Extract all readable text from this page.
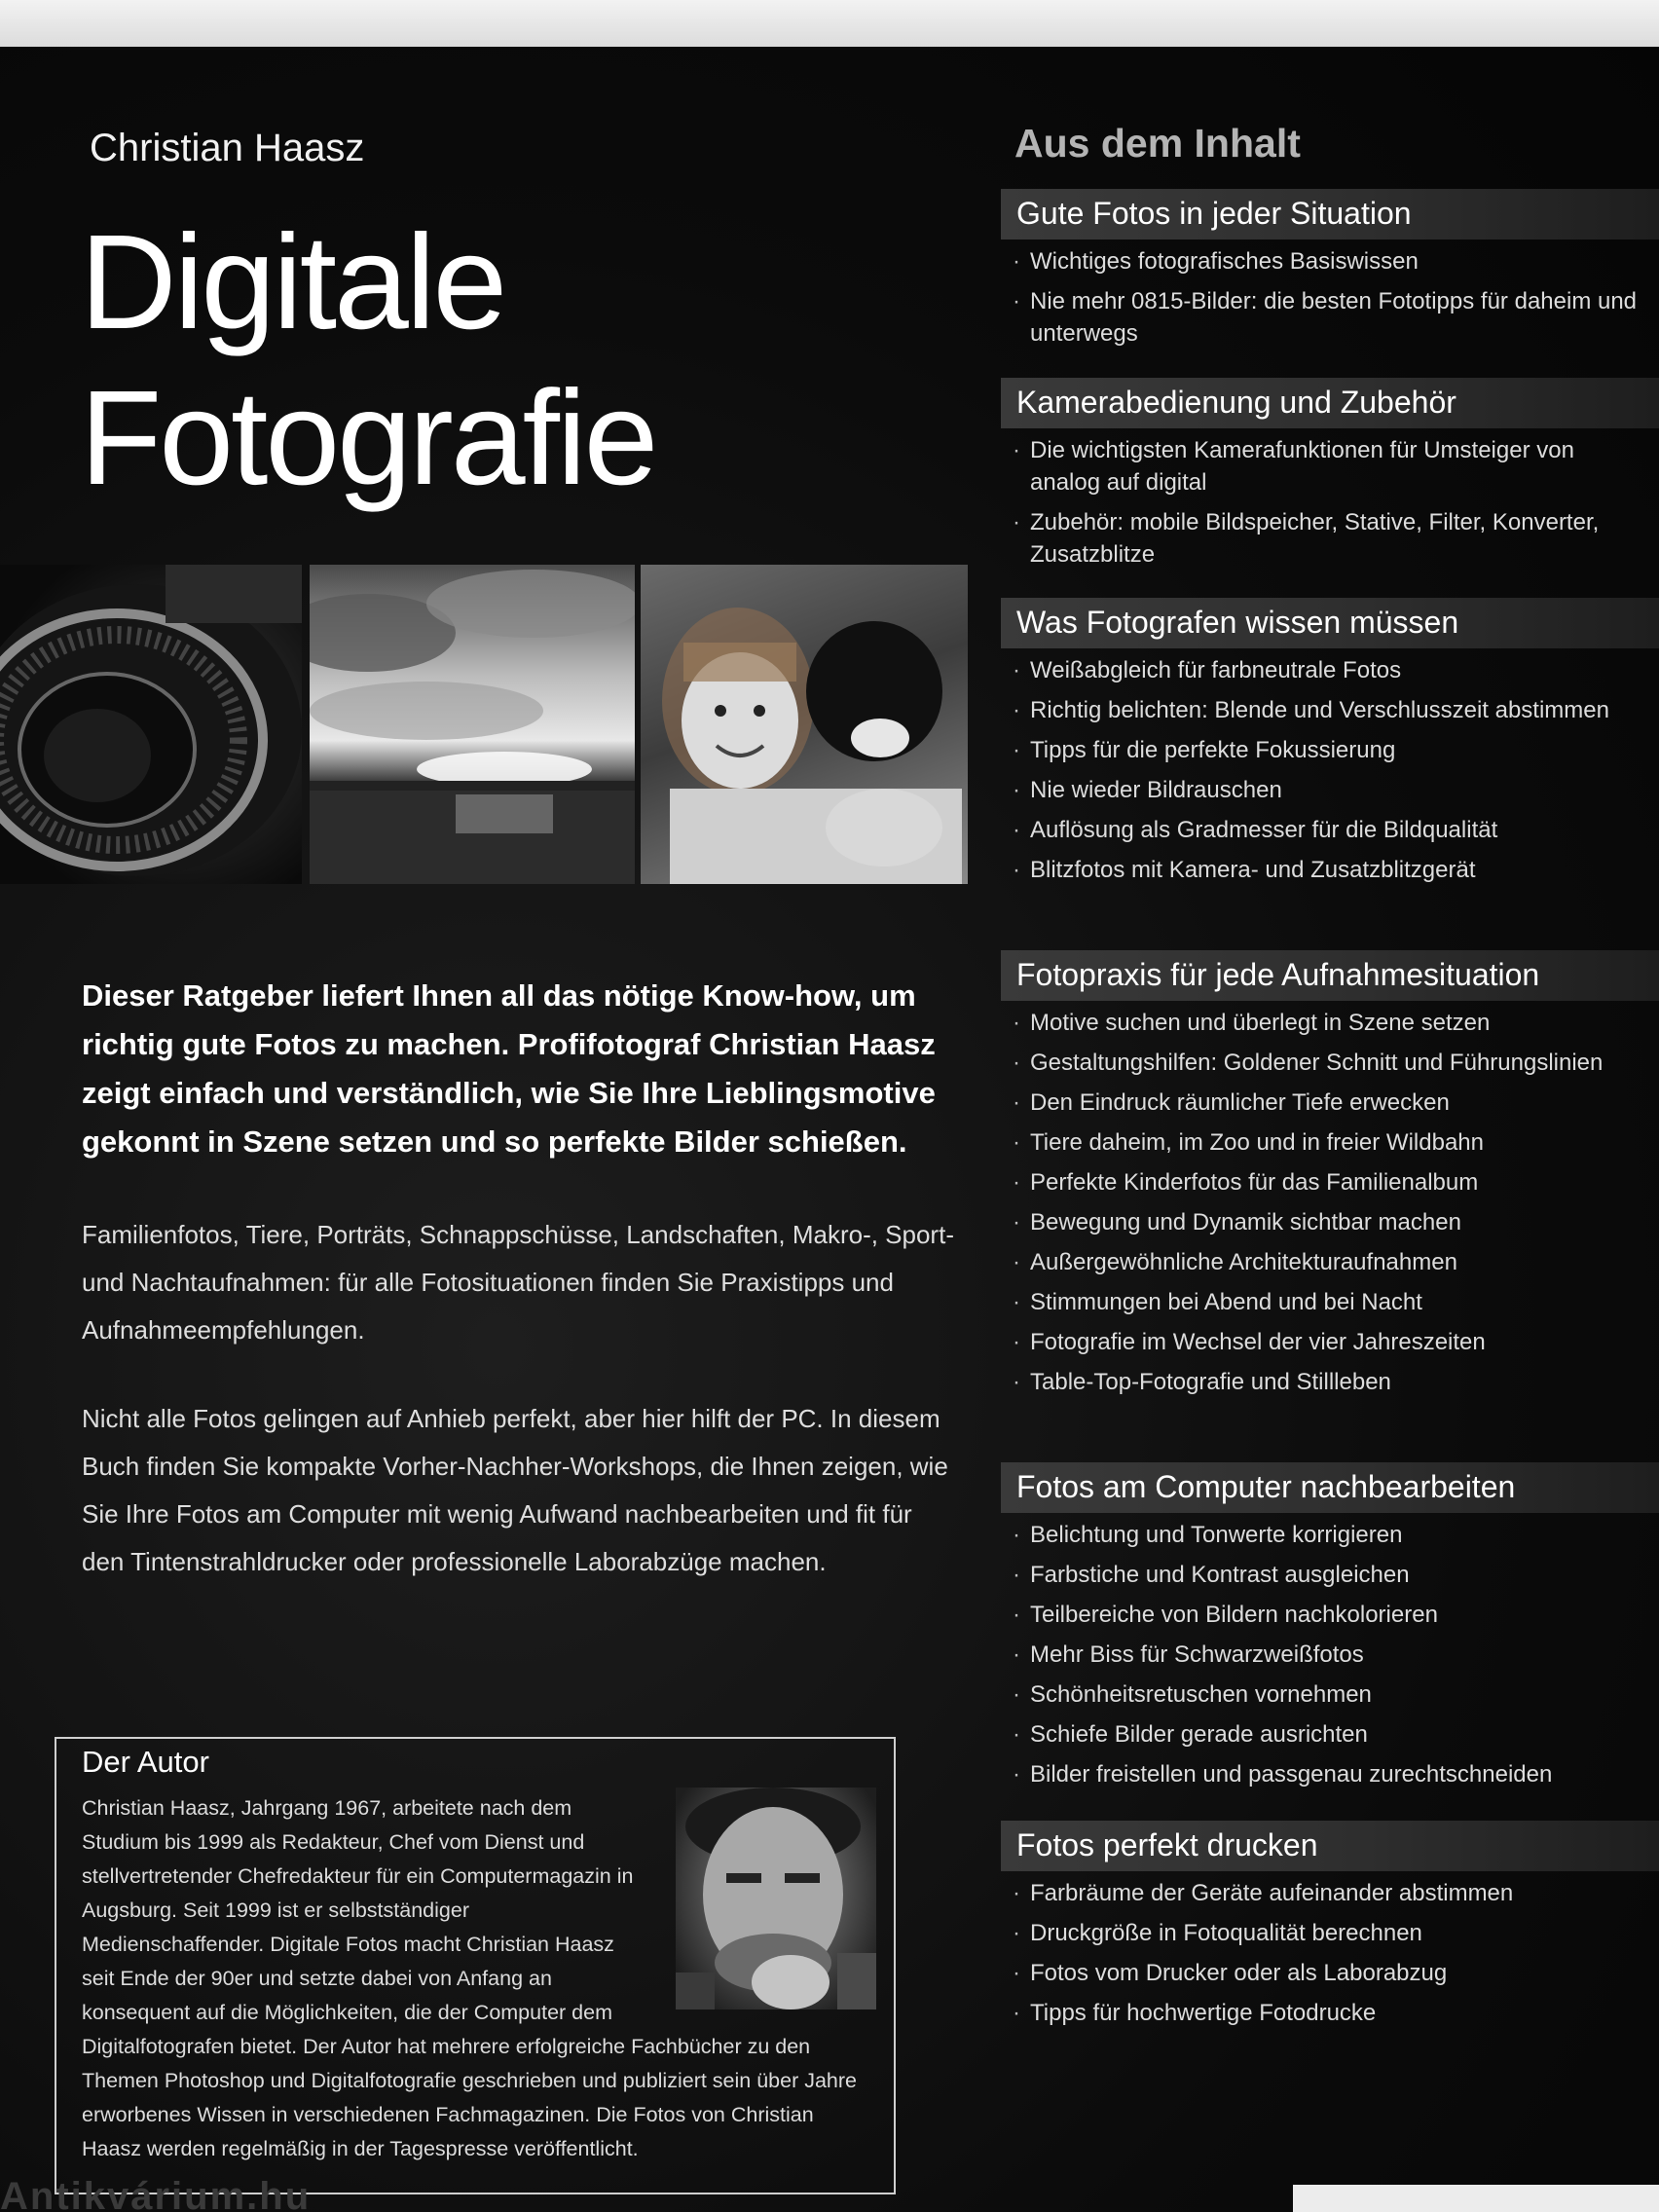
Christian Haasz
Digitale
Fotografie

Dieser Ratgeber liefert Ihnen all das nötige Know-how, um richtig gute Fotos zu machen. Profifotograf Christian Haasz zeigt einfach und verständlich, wie Sie Ihre Lieblingsmotive gekonnt in Szene setzen und so perfekte Bilder schießen.

Familienfotos, Tiere, Porträts, Schnappschüsse, Landschaften, Makro-, Sport- und Nachtaufnahmen: für alle Fotosituationen finden Sie Praxistipps und Aufnahmeempfehlungen.

Nicht alle Fotos gelingen auf Anhieb perfekt, aber hier hilft der PC. In diesem Buch finden Sie kompakte Vorher-Nachher-Workshops, die Ihnen zeigen, wie Sie Ihre Fotos am Computer mit wenig Aufwand nachbearbeiten und fit für den Tintenstrahldrucker oder professionelle Laborabzüge machen.

Der Autor

Christian Haasz, Jahrgang 1967, arbeitete nach dem Studium bis 1999 als Redakteur, Chef vom Dienst und stellvertretender Chefredakteur für ein Computermagazin in Augsburg. Seit 1999 ist er selbstständiger Medienschaffender. Digitale Fotos macht Christian Haasz seit Ende der 90er und setzte dabei von Anfang an konsequent auf die Möglichkeiten, die der Computer dem Digitalfotografen bietet. Der Autor hat mehrere erfolgreiche Fachbücher zu den Themen Photoshop und Digitalfotografie geschrieben und publiziert sein über Jahre erworbenes Wissen in verschiedenen Fachmagazinen. Die Fotos von Christian Haasz werden regelmäßig in der Tagespresse veröffentlicht.

Aus dem Inhalt
Gute Fotos in jeder Situation
· Wichtiges fotografisches Basiswissen
· Nie mehr 0815-Bilder: die besten Fototipps für daheim und unterwegs
Kamerabedienung und Zubehör
· Die wichtigsten Kamerafunktionen für Umsteiger von analog auf digital
· Zubehör: mobile Bildspeicher, Stative, Filter, Konverter, Zusatzblitze
Was Fotografen wissen müssen
· Weißabgleich für farbneutrale Fotos
· Richtig belichten: Blende und Verschlusszeit abstimmen
· Tipps für die perfekte Fokussierung
· Nie wieder Bildrauschen
· Auflösung als Gradmesser für die Bildqualität
· Blitzfotos mit Kamera- und Zusatzblitzgerät
Fotopraxis für jede Aufnahmesituation
· Motive suchen und überlegt in Szene setzen
· Gestaltungshilfen: Goldener Schnitt und Führungslinien
· Den Eindruck räumlicher Tiefe erwecken
· Tiere daheim, im Zoo und in freier Wildbahn
· Perfekte Kinderfotos für das Familienalbum
· Bewegung und Dynamik sichtbar machen
· Außergewöhnliche Architekturaufnahmen
· Stimmungen bei Abend und bei Nacht
· Fotografie im Wechsel der vier Jahreszeiten
· Table-Top-Fotografie und Stillleben
Fotos am Computer nachbearbeiten
· Belichtung und Tonwerte korrigieren
· Farbstiche und Kontrast ausgleichen
· Teilbereiche von Bildern nachkolorieren
· Mehr Biss für Schwarzweißfotos
· Schönheitsretuschen vornehmen
· Schiefe Bilder gerade ausrichten
· Bilder freistellen und passgenau zurechtschneiden
Fotos perfekt drucken
· Farbräume der Geräte aufeinander abstimmen
· Druckgröße in Fotoqualität berechnen
· Fotos vom Drucker oder als Laborabzug
· Tipps für hochwertige Fotodrucke
Antikvárium.hu
